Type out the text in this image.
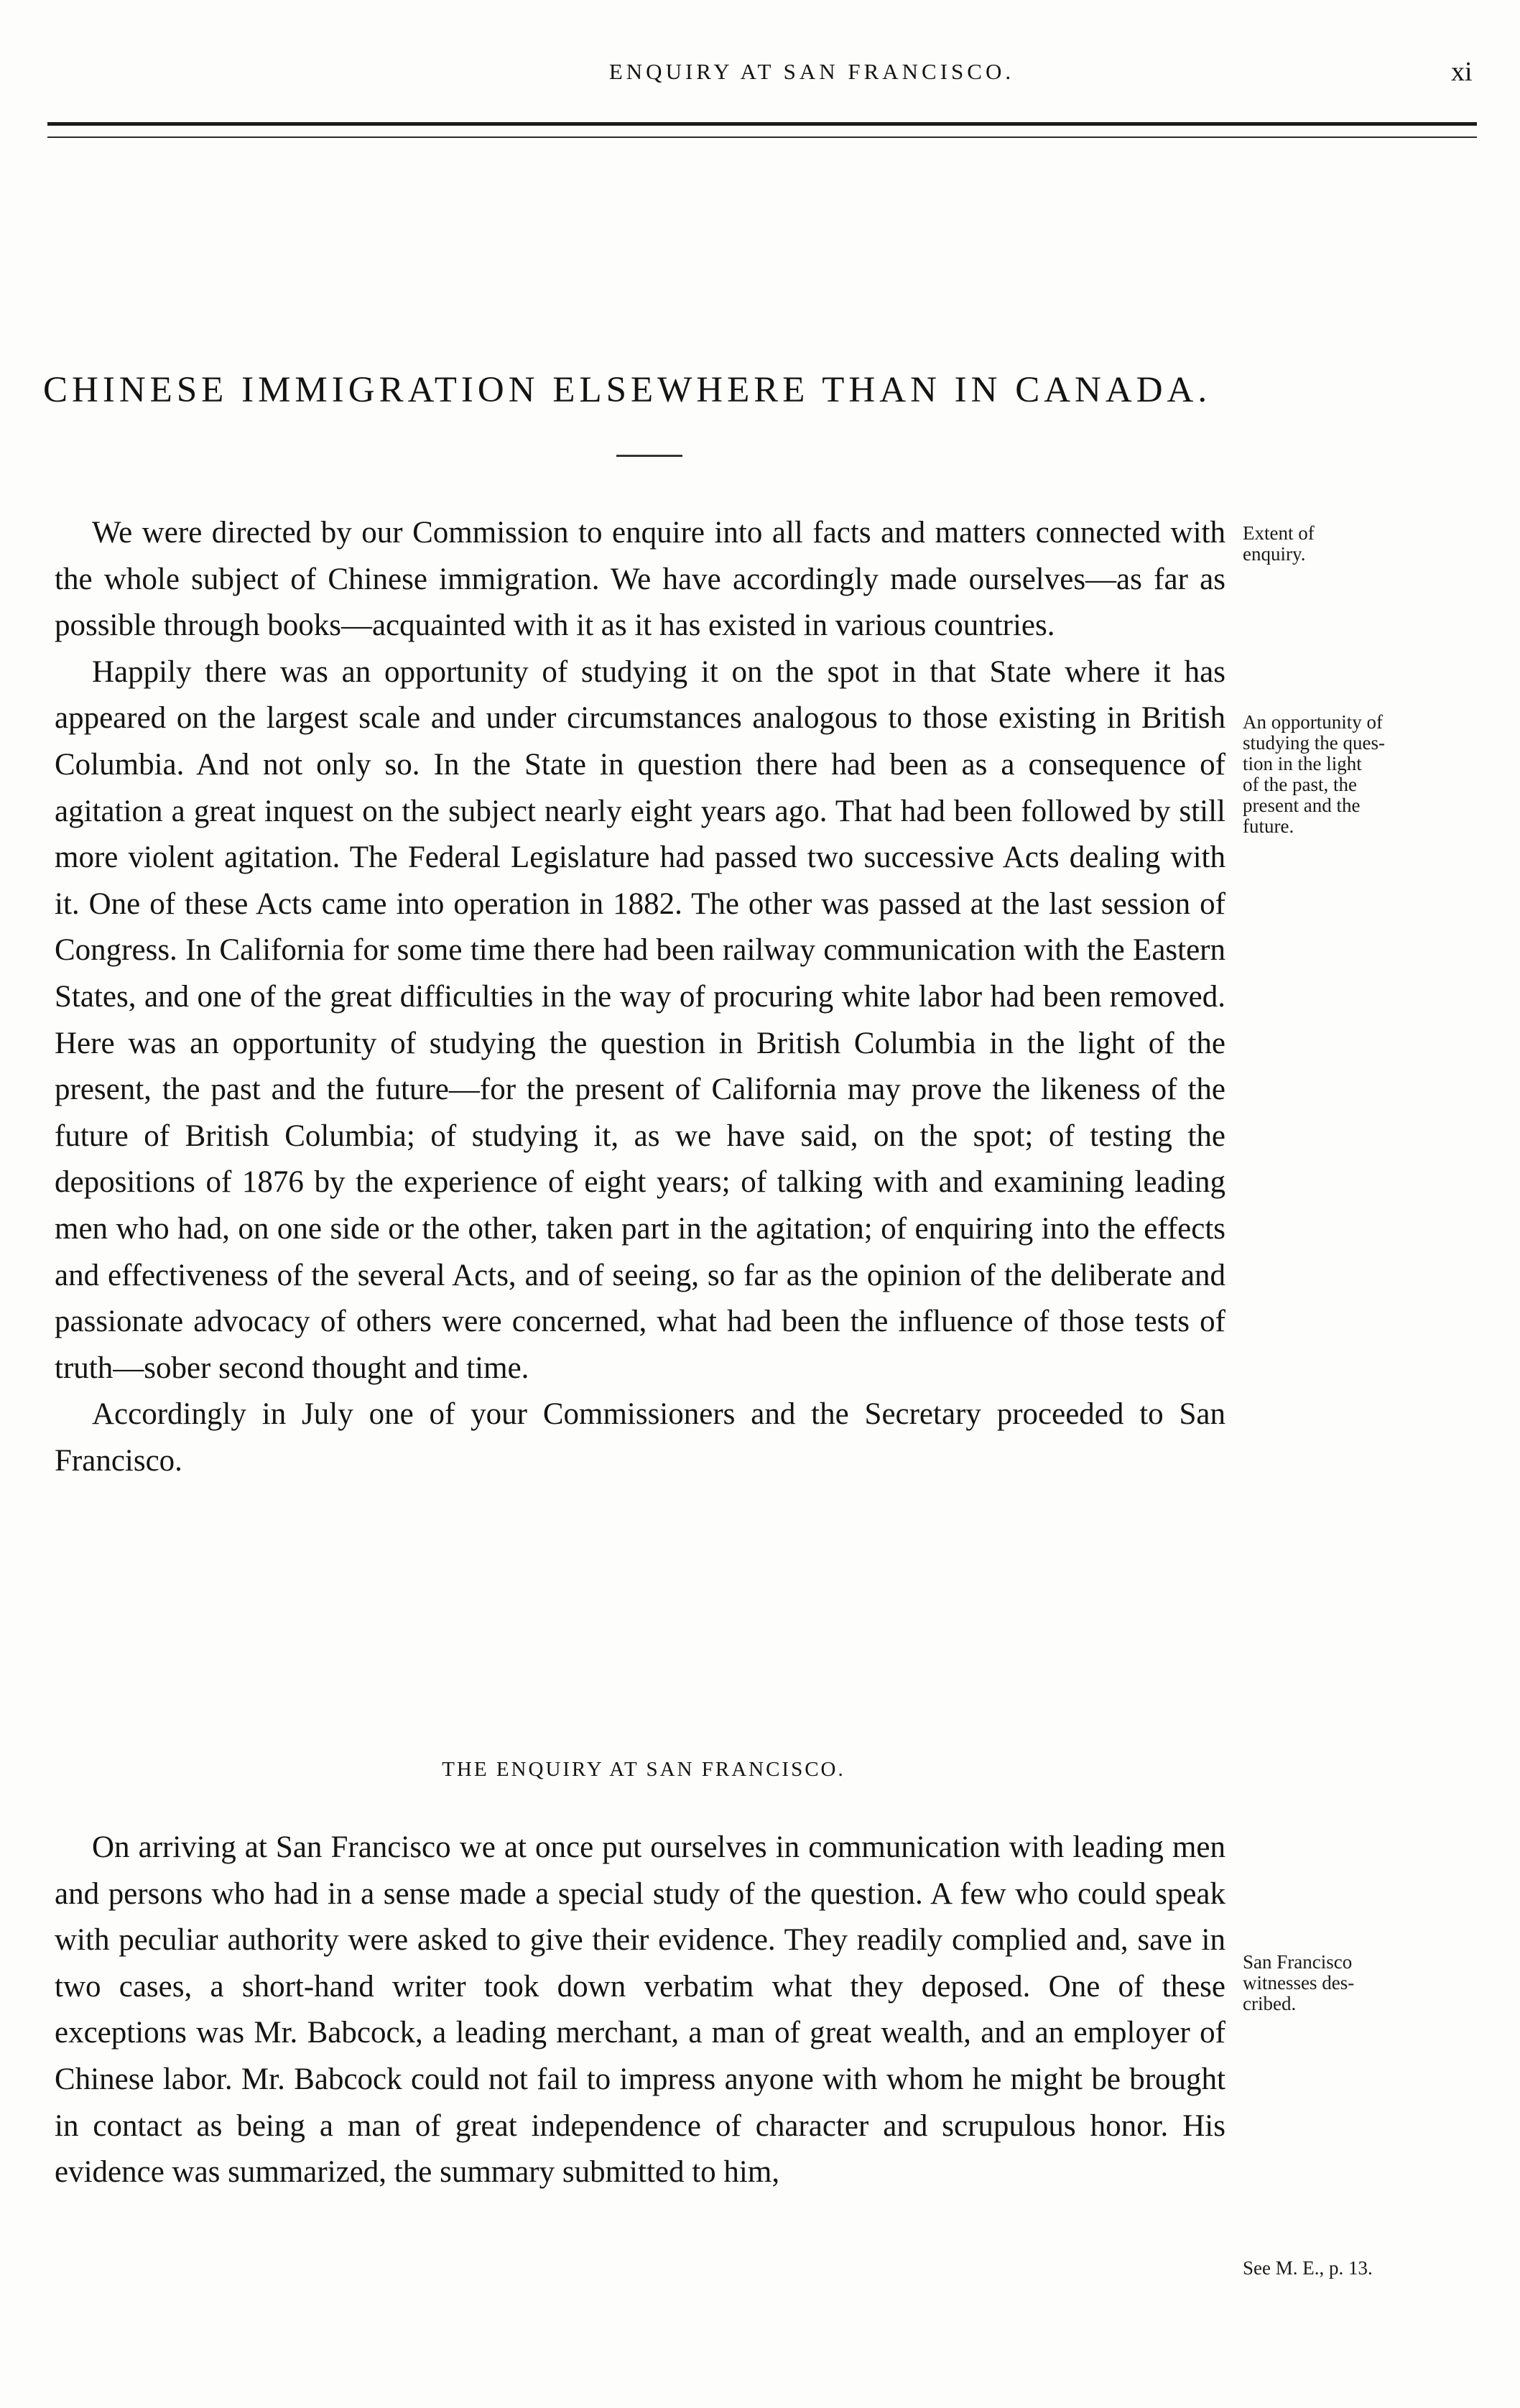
ENQUIRY AT SAN FRANCISCO.	xi
CHINESE IMMIGRATION ELSEWHERE THAN IN CANADA.

We were directed by our Commission to enquire into all facts and matters connected with the whole subject of Chinese immigration. We have accordingly made ourselves—as far as possible through books—acquainted with it as it has existed in various countries.

Happily there was an opportunity of studying it on the spot in that State where it has appeared on the largest scale and under circumstances analogous to those existing in British Columbia. And not only so. In the State in question there had been as a consequence of agitation a great inquest on the subject nearly eight years ago. That had been followed by still more violent agitation. The Federal Legislature had passed two successive Acts dealing with it. One of these Acts came into operation in 1882. The other was passed at the last session of Congress. In California for some time there had been railway communication with the Eastern States, and one of the great difficulties in the way of procuring white labor had been removed. Here was an opportunity of studying the question in British Columbia in the light of the present, the past and the future—for the present of California may prove the likeness of the future of British Columbia; of studying it, as we have said, on the spot; of testing the depositions of 1876 by the experience of eight years; of talking with and examining leading men who had, on one side or the other, taken part in the agitation; of enquiring into the effects and effectiveness of the several Acts, and of seeing, so far as the opinion of the deliberate and passionate advocacy of others were concerned, what had been the influence of those tests of truth—sober second thought and time.

Accordingly in July one of your Commissioners and the Secretary proceeded to San Francisco.

THE ENQUIRY AT SAN FRANCISCO.

On arriving at San Francisco we at once put ourselves in communication with leading men and persons who had in a sense made a special study of the question. A few who could speak with peculiar authority were asked to give their evidence. They readily complied and, save in two cases, a short-hand writer took down verbatim what they deposed. One of these exceptions was Mr. Babcock, a leading merchant, a man of great wealth, and an employer of Chinese labor. Mr. Babcock could not fail to impress anyone with whom he might be brought in contact as being a man of great independence of character and scrupulous honor. His evidence was summarized, the summary submitted to him,

Extent of
enquiry.
An opportunity of
studying the ques-
tion in the light
of the past, the
present and the
future.
San Francisco
witnesses des-
cribed.
See M. E., p. 13.
